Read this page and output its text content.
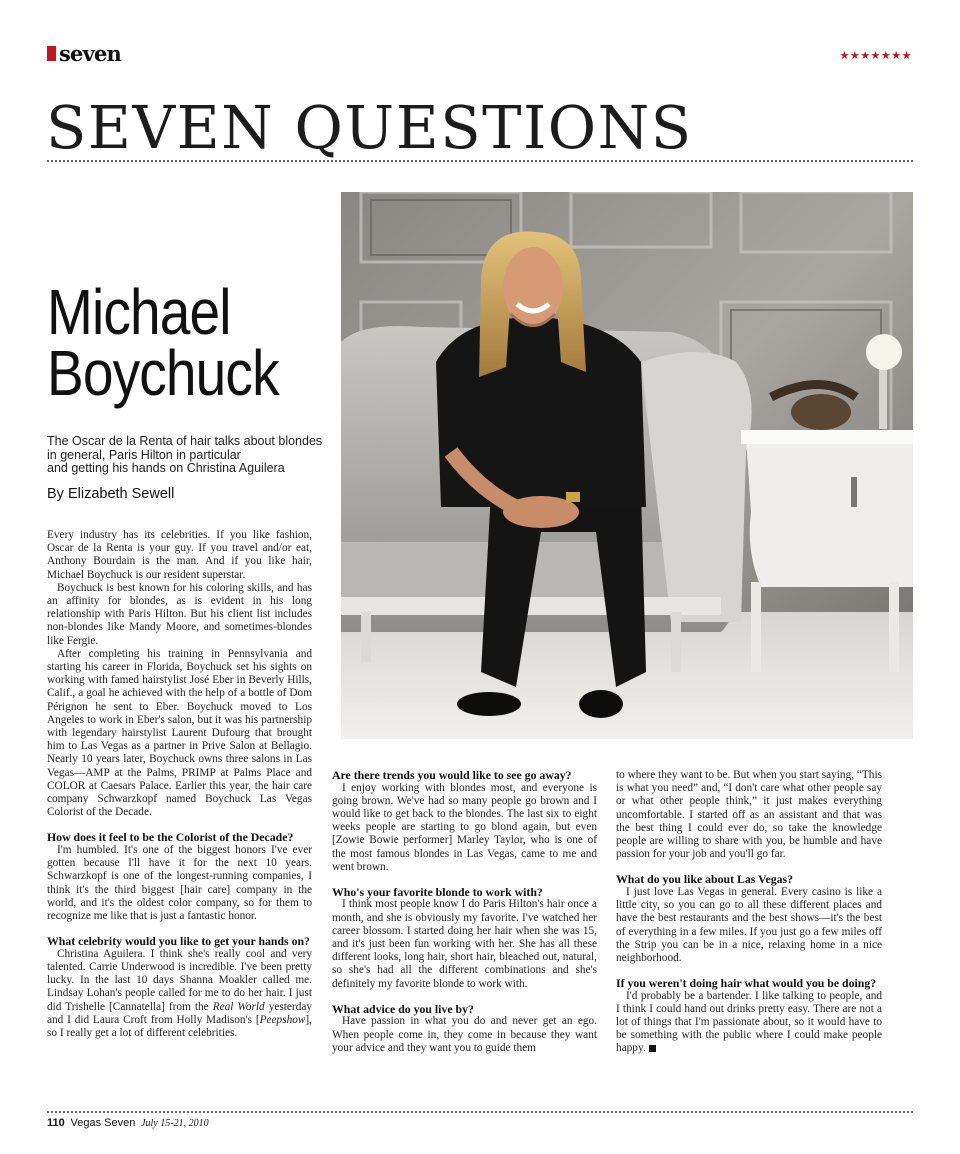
seven	★★★★★★★
SEVEN QUESTIONS
Michael
Boychuck
The Oscar de la Renta of hair talks about blondes
in general, Paris Hilton in particular
and getting his hands on Christina Aguilera
By Elizabeth Sewell

Every industry has its celebrities. If you like fashion, Oscar de la Renta is your guy. If you travel and/or eat, Anthony Bourdain is the man. And if you like hair, Michael Boychuck is our resident superstar.

Boychuck is best known for his coloring skills, and has an affinity for blondes, as is evident in his long relationship with Paris Hilton. But his client list includes non-blondes like Mandy Moore, and sometimes-blondes like Fergie.

After completing his training in Pennsylvania and starting his career in Florida, Boychuck set his sights on working with famed hairstylist José Eber in Beverly Hills, Calif., a goal he achieved with the help of a bottle of Dom Pérignon he sent to Eber. Boychuck moved to Los Angeles to work in Eber's salon, but it was his partnership with legendary hairstylist Laurent Dufourg that brought him to Las Vegas as a partner in Prive Salon at Bellagio. Nearly 10 years later, Boychuck owns three salons in Las Vegas—AMP at the Palms, PRIMP at Palms Place and COLOR at Caesars Palace. Earlier this year, the hair care company Schwarzkopf named Boychuck Las Vegas Colorist of the Decade.

How does it feel to be the Colorist of the Decade?

I'm humbled. It's one of the biggest honors I've ever gotten because I'll have it for the next 10 years. Schwarzkopf is one of the longest-running companies, I think it's the third biggest [hair care] company in the world, and it's the oldest color company, so for them to recognize me like that is just a fantastic honor.

What celebrity would you like to get your hands on?

Christina Aguilera. I think she's really cool and very talented. Carrie Underwood is incredible. I've been pretty lucky. In the last 10 days Shanna Moakler called me. Lindsay Lohan's people called for me to do her hair. I just did Trishelle [Cannatella] from the Real World yesterday and I did Laura Croft from Holly Madison's [Peepshow], so I really get a lot of different celebrities.

Are there trends you would like to see go away?

I enjoy working with blondes most, and everyone is going brown. We've had so many people go brown and I would like to get back to the blondes. The last six to eight weeks people are starting to go blond again, but even [Zowie Bowie performer] Marley Taylor, who is one of the most famous blondes in Las Vegas, came to me and went brown.

Who's your favorite blonde to work with?

I think most people know I do Paris Hilton's hair once a month, and she is obviously my favorite. I've watched her career blossom. I started doing her hair when she was 15, and it's just been fun working with her. She has all these different looks, long hair, short hair, bleached out, natural, so she's had all the different combinations and she's definitely my favorite blonde to work with.

What advice do you live by?

Have passion in what you do and never get an ego. When people come in, they come in because they want your advice and they want you to guide them

to where they want to be. But when you start saying, “This is what you need” and, “I don't care what other people say or what other people think,” it just makes everything uncomfortable. I started off as an assistant and that was the best thing I could ever do, so take the knowledge people are willing to share with you, be humble and have passion for your job and you'll go far.

What do you like about Las Vegas?

I just love Las Vegas in general. Every casino is like a little city, so you can go to all these different places and have the best restaurants and the best shows—it's the best of everything in a few miles. If you just go a few miles off the Strip you can be in a nice, relaxing home in a nice neighborhood.

If you weren't doing hair what would you be doing?

I'd probably be a bartender. I like talking to people, and I think I could hand out drinks pretty easy. There are not a lot of things that I'm passionate about, so it would have to be something with the public where I could make people happy.

110 Vegas Seven July 15-21, 2010
